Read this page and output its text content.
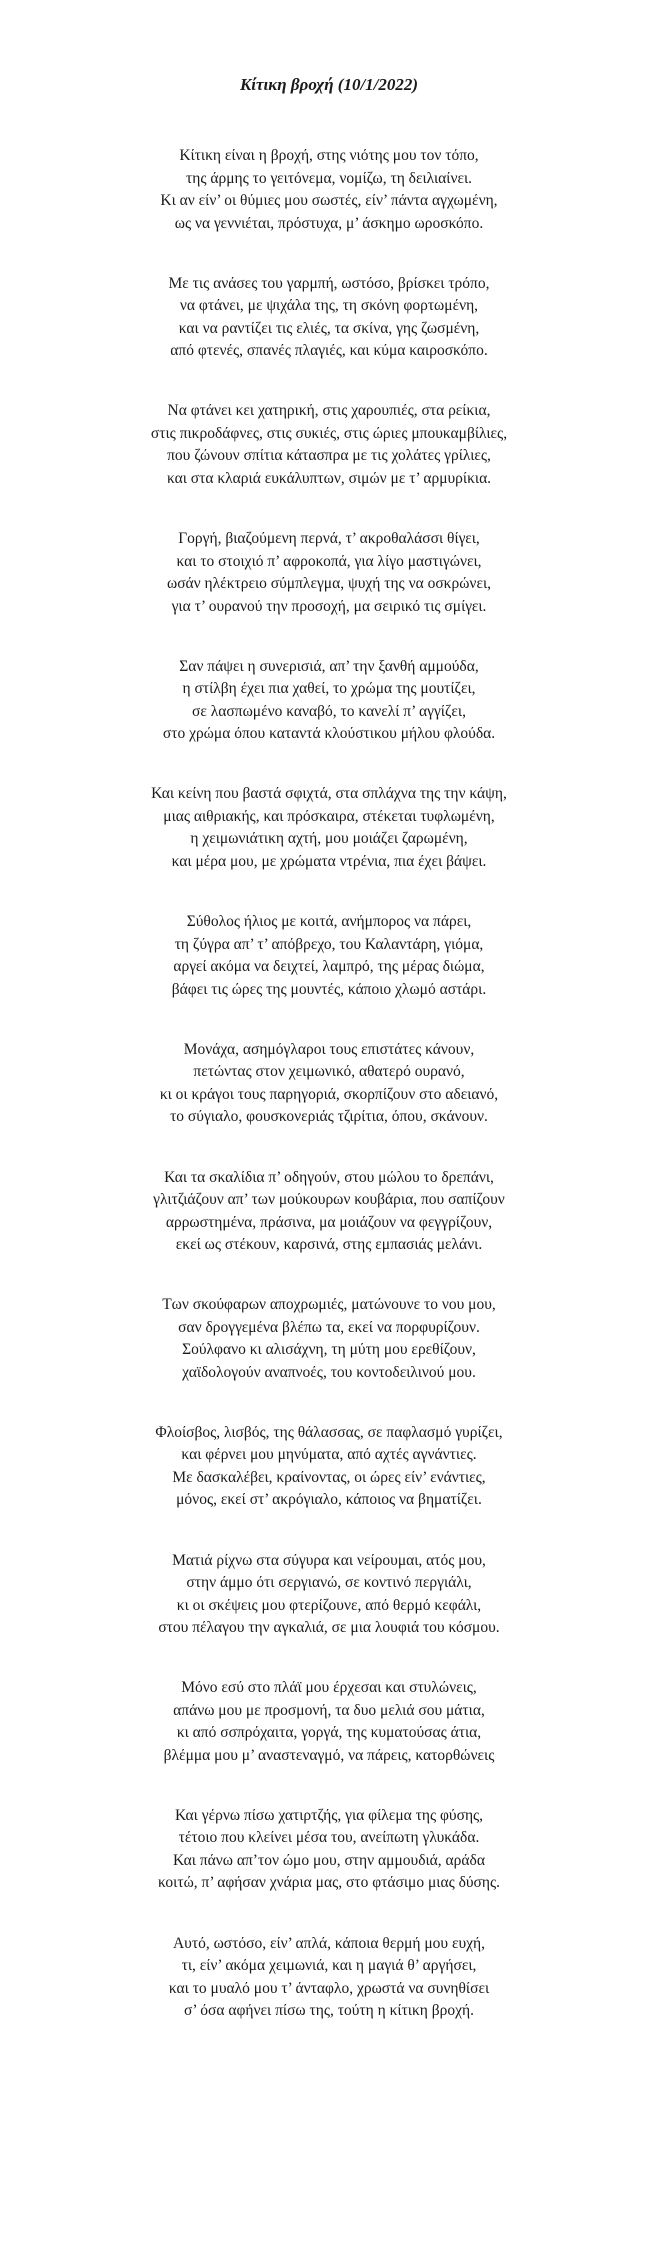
Κίτικη βροχή (10/1/2022)
Κίτικη είναι η βροχή, στης νιότης μου τον τόπο,
της άρμης το γειτόνεμα, νομίζω, τη δειλιαίνει.
Κι αν είν’ οι θύμιες μου σωστές, είν’ πάντα αγχωμένη,
ως να γεννιέται, πρόστυχα, μ’ άσκημο ωροσκόπο.
Με τις ανάσες του γαρμπή, ωστόσο, βρίσκει τρόπο,
να φτάνει, με ψιχάλα της, τη σκόνη φορτωμένη,
και να ραντίζει τις ελιές, τα σκίνα, γης ζωσμένη,
από φτενές, σπανές πλαγιές, και κύμα καιροσκόπο.
Να φτάνει κει χατηρική, στις χαρουπιές, στα ρείκια,
στις πικροδάφνες, στις συκιές, στις ώριες μπουκαμβίλιες,
που ζώνουν σπίτια κάτασπρα με τις χολάτες γρίλιες,
και στα κλαριά ευκάλυπτων, σιμών με τ’ αρμυρίκια.
Γοργή, βιαζούμενη περνά, τ’ ακροθαλάσσι θίγει,
και το στοιχιό π’ αφροκοπά, για λίγο μαστιγώνει,
ωσάν ηλέκτρειο σύμπλεγμα, ψυχή της να οσκρώνει,
για τ’ ουρανού την προσοχή, μα σειρικό τις σμίγει.
Σαν πάψει η συνερισιά, απ’ την ξανθή αμμούδα,
η στίλβη έχει πια χαθεί, το χρώμα της μουτίζει,
σε λασπωμένο καναβό, το κανελί π’ αγγίζει,
στο χρώμα όπου καταντά κλούστικου μήλου φλούδα.
Και κείνη που βαστά σφιχτά, στα σπλάχνα της την κάψη,
μιας αιθριακής, και πρόσκαιρα, στέκεται τυφλωμένη,
η χειμωνιάτικη αχτή, μου μοιάζει ζαρωμένη,
και μέρα μου, με χρώματα ντρένια, πια έχει βάψει.
Σύθολος ήλιος με κοιτά, ανήμπορος να πάρει,
τη ζύγρα απ’ τ’ απόβρεχο, του Καλαντάρη, γιόμα,
αργεί ακόμα να δειχτεί, λαμπρό, της μέρας διώμα,
βάφει τις ώρες της μουντές, κάποιο χλωμό αστάρι.
Μονάχα, ασημόγλαροι τους επιστάτες κάνουν,
πετώντας στον χειμωνικό, αθατερό ουρανό,
κι οι κράγοι τους παρηγοριά, σκορπίζουν στο αδειανό,
το σύγιαλο, φουσκονεριάς τζιρίτια, όπου, σκάνουν.
Και τα σκαλίδια π’ οδηγούν, στου μώλου το δρεπάνι,
γλιτζιάζουν απ’ των μούκουρων κουβάρια, που σαπίζουν
αρρωστημένα, πράσινα, μα μοιάζουν να φεγγρίζουν,
εκεί ως στέκουν, καρσινά, στης εμπασιάς μελάνι.
Των σκούφαρων αποχρωμιές, ματώνουνε το νου μου,
σαν δρογγεμένα βλέπω τα, εκεί να πορφυρίζουν.
Σούλφανο κι αλισάχνη, τη μύτη μου ερεθίζουν,
χαϊδολογούν αναπνοές, του κοντοδειλινού μου.
Φλοίσβος, λισβός, της θάλασσας, σε παφλασμό γυρίζει,
και φέρνει μου μηνύματα, από αχτές αγνάντιες.
Με δασκαλέβει, κραίνοντας, οι ώρες είν’ ενάντιες,
μόνος, εκεί στ’ ακρόγιαλο, κάποιος να βηματίζει.
Ματιά ρίχνω στα σύγυρα και νείρουμαι, ατός μου,
στην άμμο ότι σεργιανώ, σε κοντινό περγιάλι,
κι οι σκέψεις μου φτερίζουνε, από θερμό κεφάλι,
στου πέλαγου την αγκαλιά, σε μια λουφιά του κόσμου.
Μόνο εσύ στο πλάϊ μου έρχεσαι και στυλώνεις,
απάνω μου με προσμονή, τα δυο μελιά σου μάτια,
κι από σσπρόχαιτα, γοργά, της κυματούσας άτια,
βλέμμα μου μ’ αναστεναγμό, να πάρεις, κατορθώνεις
Και γέρνω πίσω χατιρτζής, για φίλεμα της φύσης,
τέτοιο που κλείνει μέσα του, ανείπωτη γλυκάδα.
Και πάνω απ’τον ώμο μου, στην αμμουδιά, αράδα
κοιτώ, π’ αφήσαν χνάρια μας, στο φτάσιμο μιας δύσης.
Αυτό, ωστόσο, είν’ απλά, κάποια θερμή μου ευχή,
τι, είν’ ακόμα χειμωνιά, και η μαγιά θ’ αργήσει,
και το μυαλό μου τ’ άνταφλο, χρωστά να συνηθίσει
σ’ όσα αφήνει πίσω της, τούτη η κίτικη βροχή.
